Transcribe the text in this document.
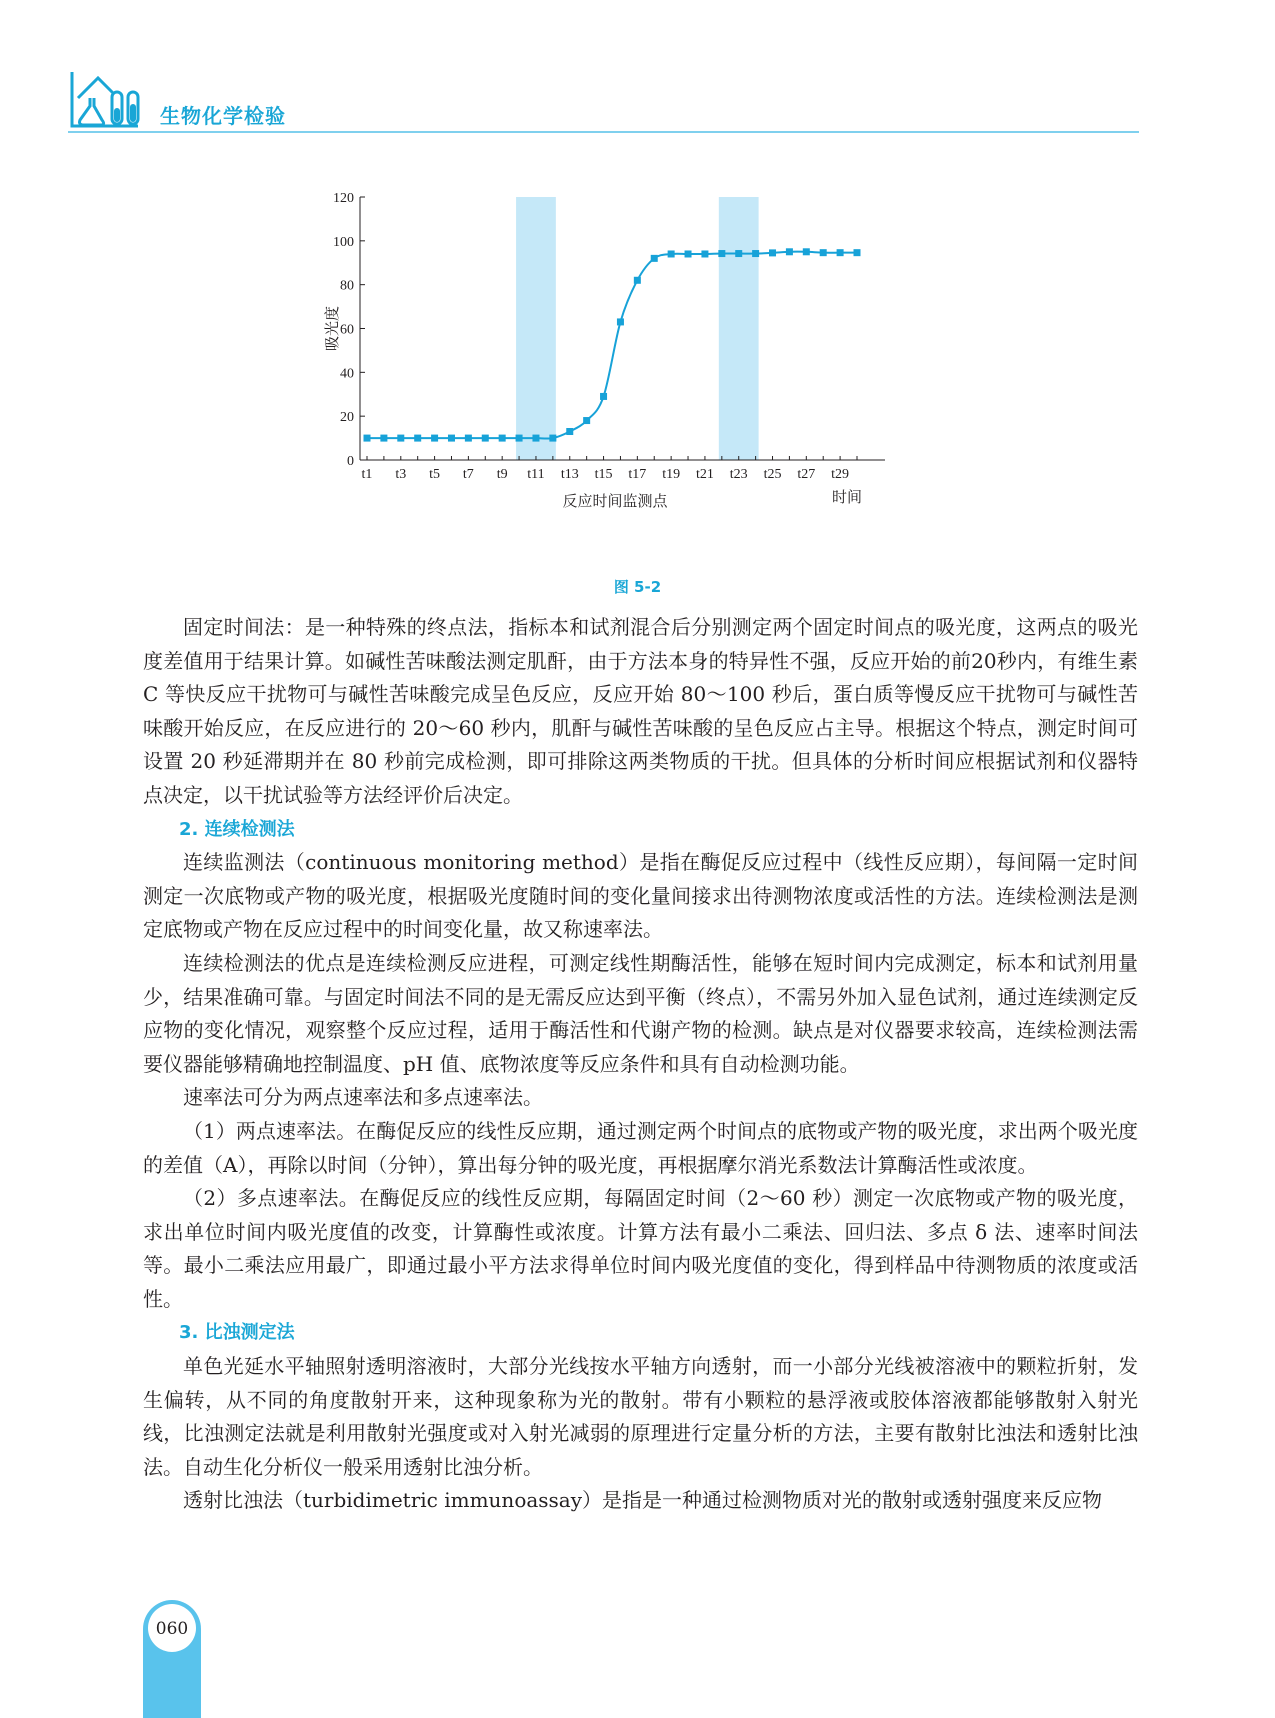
生物化学检验
0
20
40
60
80
100
120
t1 t3 t5 t7 t9 t11 t13 t15 t17 t19 t21 t23 t25 t27 t29
吸光度
反应时间监测点	时间
图 5-2

固定时间法：是一种特殊的终点法，指标本和试剂混合后分别测定两个固定时间点的吸光度，这两点的吸光度差值用于结果计算。如碱性苦味酸法测定肌酐，由于方法本身的特异性不强，反应开始的前20秒内，有维生素 C 等快反应干扰物可与碱性苦味酸完成呈色反应，反应开始 80～100 秒后，蛋白质等慢反应干扰物可与碱性苦味酸开始反应，在反应进行的 20～60 秒内，肌酐与碱性苦味酸的呈色反应占主导。根据这个特点，测定时间可设置 20 秒延滞期并在 80 秒前完成检测，即可排除这两类物质的干扰。但具体的分析时间应根据试剂和仪器特点决定，以干扰试验等方法经评价后决定。

2. 连续检测法

连续监测法（continuous monitoring method）是指在酶促反应过程中（线性反应期），每间隔一定时间测定一次底物或产物的吸光度，根据吸光度随时间的变化量间接求出待测物浓度或活性的方法。连续检测法是测定底物或产物在反应过程中的时间变化量，故又称速率法。

连续检测法的优点是连续检测反应进程，可测定线性期酶活性，能够在短时间内完成测定，标本和试剂用量少，结果准确可靠。与固定时间法不同的是无需反应达到平衡（终点），不需另外加入显色试剂，通过连续测定反应物的变化情况，观察整个反应过程，适用于酶活性和代谢产物的检测。缺点是对仪器要求较高，连续检测法需要仪器能够精确地控制温度、pH 值、底物浓度等反应条件和具有自动检测功能。

速率法可分为两点速率法和多点速率法。

（1）两点速率法。在酶促反应的线性反应期，通过测定两个时间点的底物或产物的吸光度，求出两个吸光度的差值（A），再除以时间（分钟），算出每分钟的吸光度，再根据摩尔消光系数法计算酶活性或浓度。

（2）多点速率法。在酶促反应的线性反应期，每隔固定时间（2～60 秒）测定一次底物或产物的吸光度，求出单位时间内吸光度值的改变，计算酶性或浓度。计算方法有最小二乘法、回归法、多点 δ 法、速率时间法等。最小二乘法应用最广，即通过最小平方法求得单位时间内吸光度值的变化，得到样品中待测物质的浓度或活性。

3. 比浊测定法

单色光延水平轴照射透明溶液时，大部分光线按水平轴方向透射，而一小部分光线被溶液中的颗粒折射，发生偏转，从不同的角度散射开来，这种现象称为光的散射。带有小颗粒的悬浮液或胶体溶液都能够散射入射光线，比浊测定法就是利用散射光强度或对入射光减弱的原理进行定量分析的方法，主要有散射比浊法和透射比浊法。自动生化分析仪一般采用透射比浊分析。

透射比浊法（turbidimetric immunoassay）是指是一种通过检测物质对光的散射或透射强度来反应物

060
